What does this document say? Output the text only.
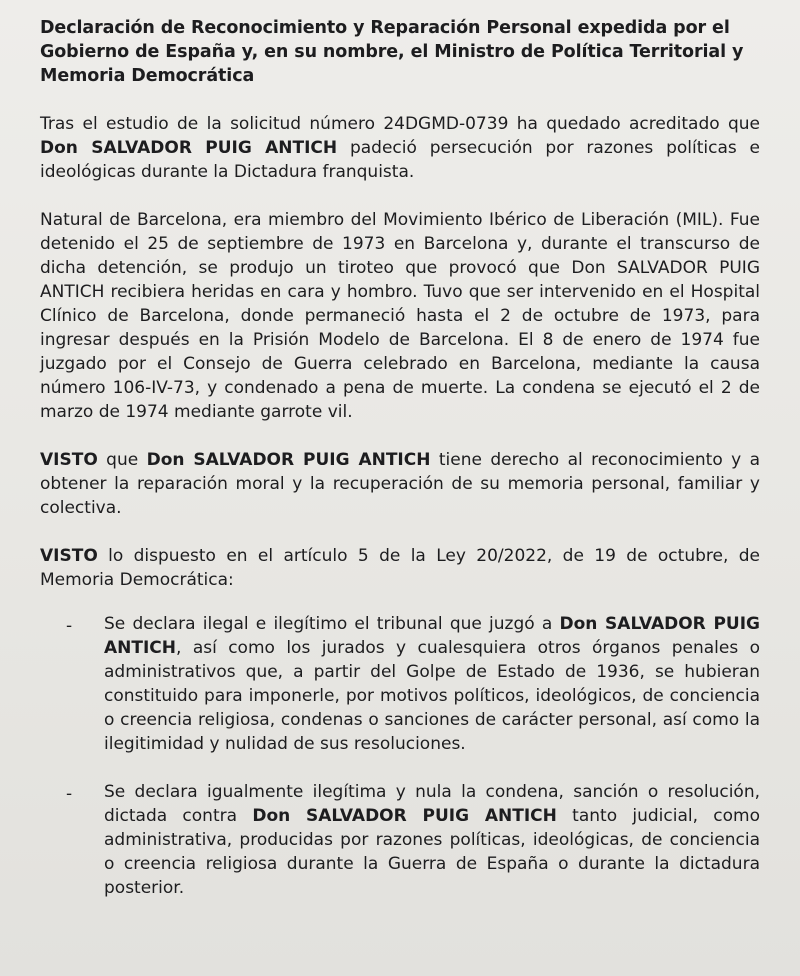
Declaración de Reconocimiento y Reparación Personal expedida por el Gobierno de España y, en su nombre, el Ministro de Política Territorial y Memoria Democrática

Tras el estudio de la solicitud número 24DGMD-0739 ha quedado acreditado que Don SALVADOR PUIG ANTICH padeció persecución por razones políticas e ideológicas durante la Dictadura franquista.

Natural de Barcelona, era miembro del Movimiento Ibérico de Liberación (MIL). Fue detenido el 25 de septiembre de 1973 en Barcelona y, durante el transcurso de dicha detención, se produjo un tiroteo que provocó que Don SALVADOR PUIG ANTICH recibiera heridas en cara y hombro. Tuvo que ser intervenido en el Hospital Clínico de Barcelona, donde permaneció hasta el 2 de octubre de 1973, para ingresar después en la Prisión Modelo de Barcelona. El 8 de enero de 1974 fue juzgado por el Consejo de Guerra celebrado en Barcelona, mediante la causa número 106-IV-73, y condenado a pena de muerte. La condena se ejecutó el 2 de marzo de 1974 mediante garrote vil.

VISTO que Don SALVADOR PUIG ANTICH tiene derecho al reconocimiento y a obtener la reparación moral y la recuperación de su memoria personal, familiar y colectiva.

VISTO lo dispuesto en el artículo 5 de la Ley 20/2022, de 19 de octubre, de Memoria Democrática:

- Se declara ilegal e ilegítimo el tribunal que juzgó a Don SALVADOR PUIG ANTICH, así como los jurados y cualesquiera otros órganos penales o administrativos que, a partir del Golpe de Estado de 1936, se hubieran constituido para imponerle, por motivos políticos, ideológicos, de conciencia o creencia religiosa, condenas o sanciones de carácter personal, así como la ilegitimidad y nulidad de sus resoluciones.
- Se declara igualmente ilegítima y nula la condena, sanción o resolución, dictada contra Don SALVADOR PUIG ANTICH tanto judicial, como administrativa, producidas por razones políticas, ideológicas, de conciencia o creencia religiosa durante la Guerra de España o durante la dictadura posterior.
